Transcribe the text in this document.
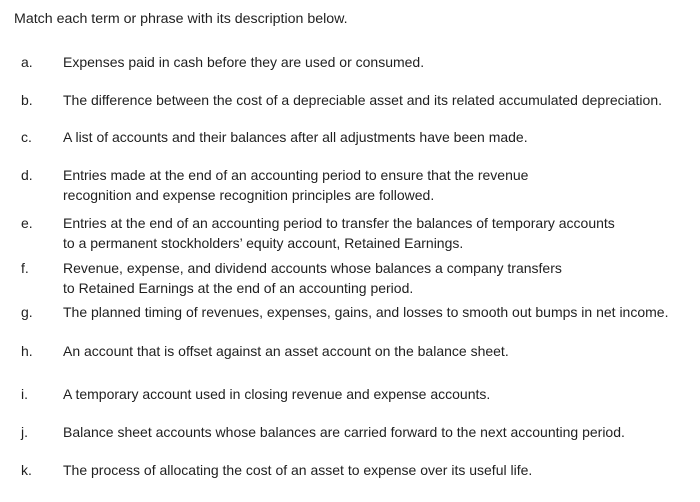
Match each term or phrase with its description below.
a. Expenses paid in cash before they are used or consumed.
b. The difference between the cost of a depreciable asset and its related accumulated depreciation.
c. A list of accounts and their balances after all adjustments have been made.
d. Entries made at the end of an accounting period to ensure that the revenue
recognition and expense recognition principles are followed.
e. Entries at the end of an accounting period to transfer the balances of temporary accounts
to a permanent stockholders’ equity account, Retained Earnings.
f. Revenue, expense, and dividend accounts whose balances a company transfers
to Retained Earnings at the end of an accounting period.
g. The planned timing of revenues, expenses, gains, and losses to smooth out bumps in net income.
h. An account that is offset against an asset account on the balance sheet.
i.	A temporary account used in closing revenue and expense accounts.
j.	Balance sheet accounts whose balances are carried forward to the next accounting period.
k. The process of allocating the cost of an asset to expense over its useful life.
